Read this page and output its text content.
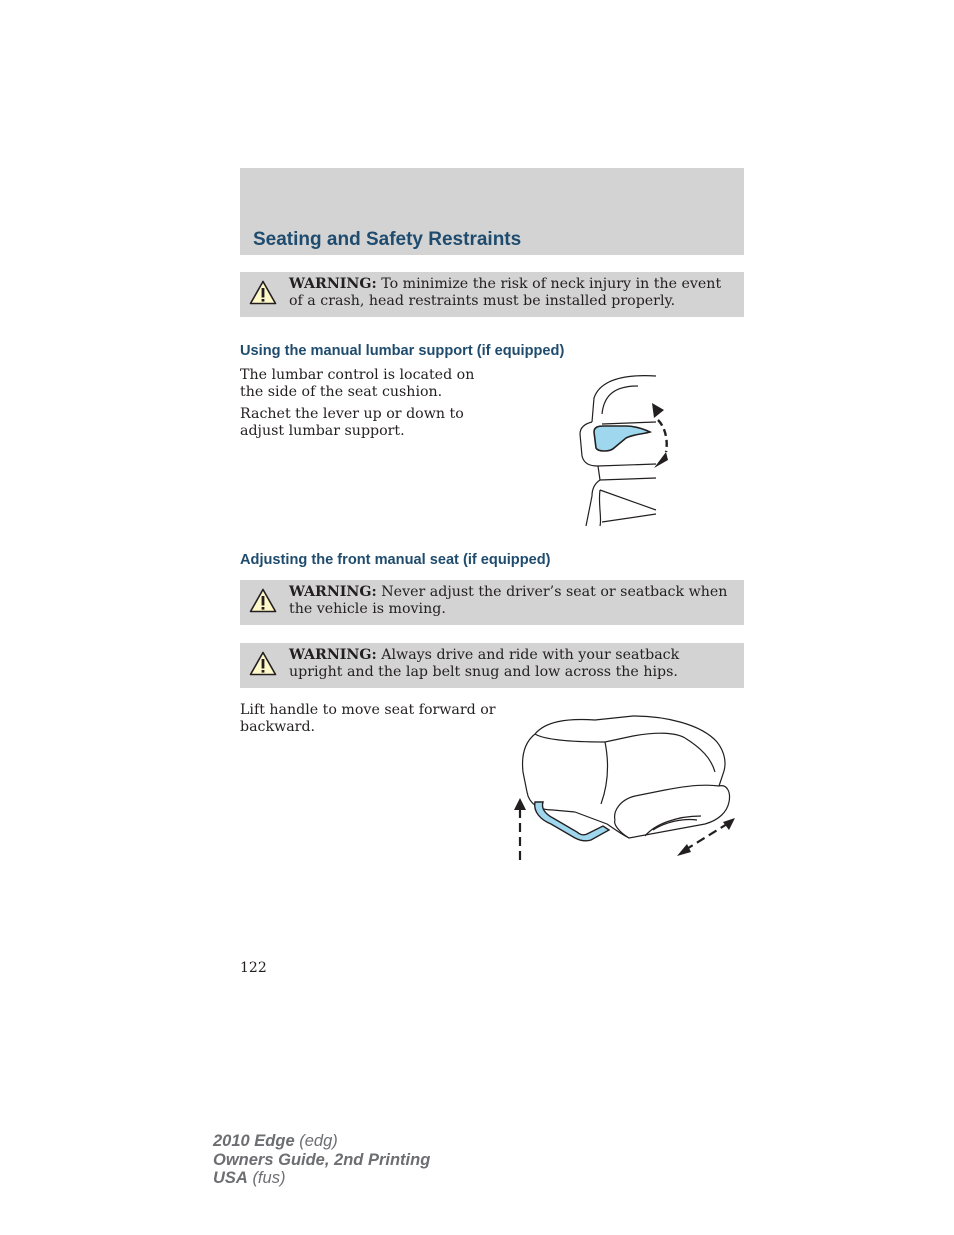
Seating and Safety Restraints
WARNING: To minimize the risk of neck injury in the event of a crash, head restraints must be installed properly.
Using the manual lumbar support (if equipped)

The lumbar control is located on the side of the seat cushion.

Rachet the lever up or down to adjust lumbar support.

Adjusting the front manual seat (if equipped)
WARNING: Never adjust the driver’s seat or seatback when the vehicle is moving.
WARNING: Always drive and ride with your seatback upright and the lap belt snug and low across the hips.

Lift handle to move seat forward or backward.

122
2010 Edge (edg)
Owners Guide, 2nd Printing
USA (fus)
